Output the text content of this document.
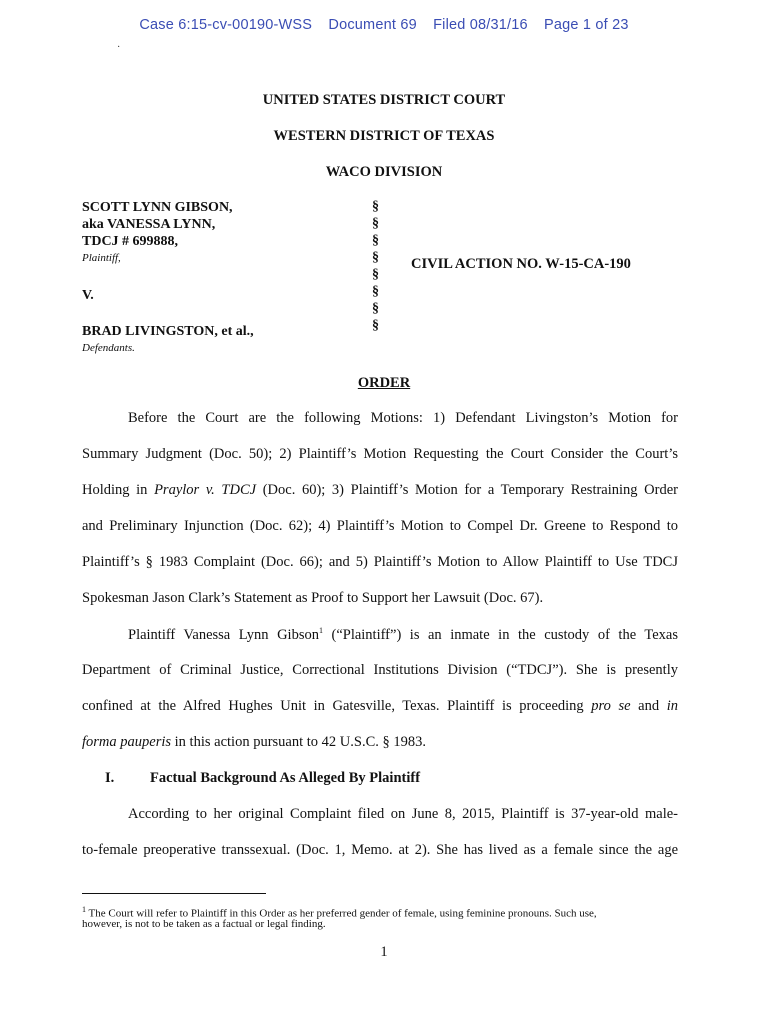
Case 6:15-cv-00190-WSS Document 69 Filed 08/31/16 Page 1 of 23
·
UNITED STATES DISTRICT COURT
WESTERN DISTRICT OF TEXAS
WACO DIVISION
SCOTT LYNN GIBSON,
aka VANESSA LYNN,
TDCJ # 699888,
Plaintiff,
V.
BRAD LIVINGSTON, et al.,
Defendants.
§
§
§
§
§
§
§
§
CIVIL ACTION NO. W-15-CA-190
ORDER
Before the Court are the following Motions: 1) Defendant Livingston’s Motion for
Summary Judgment (Doc. 50); 2) Plaintiff’s Motion Requesting the Court Consider the Court’s
Holding in Praylor v. TDCJ (Doc. 60); 3) Plaintiff’s Motion for a Temporary Restraining Order
and Preliminary Injunction (Doc. 62); 4) Plaintiff’s Motion to Compel Dr. Greene to Respond to
Plaintiff’s § 1983 Complaint (Doc. 66); and 5) Plaintiff’s Motion to Allow Plaintiff to Use TDCJ
Spokesman Jason Clark’s Statement as Proof to Support her Lawsuit (Doc. 67).
Plaintiff Vanessa Lynn Gibson$^1$ (“Plaintiff”) is an inmate in the custody of the Texas
Department of Criminal Justice, Correctional Institutions Division (“TDCJ”). She is presently
confined at the Alfred Hughes Unit in Gatesville, Texas. Plaintiff is proceeding pro se and in
forma pauperis in this action pursuant to 42 U.S.C. § 1983.
I. Factual Background As Alleged By Plaintiff
According to her original Complaint filed on June 8, 2015, Plaintiff is 37-year-old male-
to-female preoperative transsexual. (Doc. 1, Memo. at 2). She has lived as a female since the age
$^1$ The Court will refer to Plaintiff in this Order as her preferred gender of female, using feminine pronouns. Such use,
however, is not to be taken as a factual or legal finding.
1
